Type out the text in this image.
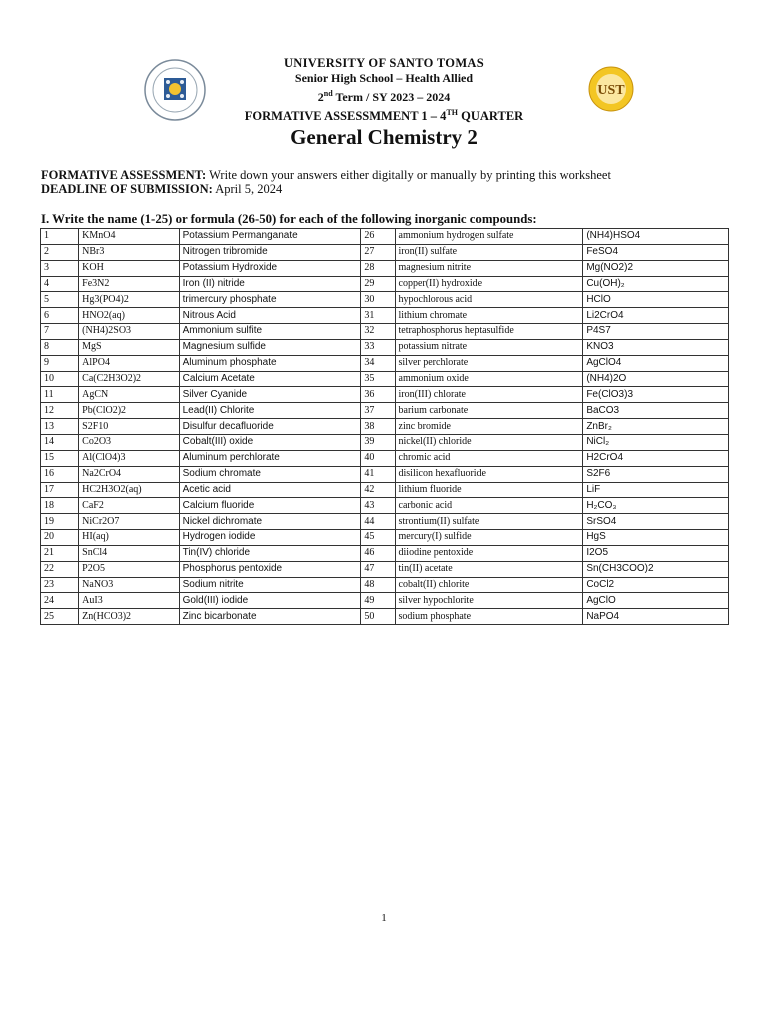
UST
UNIVERSITY OF SANTO TOMAS
Senior High School – Health Allied
2nd Term / SY 2023 – 2024
FORMATIVE ASSESSMMENT 1 – 4TH QUARTER
General Chemistry 2
FORMATIVE ASSESSMENT: Write down your answers either digitally or manually by printing this worksheet
DEADLINE OF SUBMISSION: April 5, 2024
I. Write the name (1-25) or formula (26-50) for each of the following inorganic compounds:
1	KMnO4	Potassium Permanganate	26	ammonium hydrogen sulfate	(NH4)HSO4
2	NBr3	Nitrogen tribromide	27	iron(II) sulfate	FeSO4
3	KOH	Potassium Hydroxide	28	magnesium nitrite	Mg(NO2)2
4	Fe3N2	Iron (II) nitride	29	copper(II) hydroxide	Cu(OH)₂
5	Hg3(PO4)2	trimercury phosphate	30	hypochlorous acid	HClO
6	HNO2(aq)	Nitrous Acid	31	lithium chromate	Li2CrO4
7	(NH4)2SO3	Ammonium sulfite	32	tetraphosphorus heptasulfide	P4S7
8	MgS	Magnesium sulfide	33	potassium nitrate	KNO3
9	AlPO4	Aluminum phosphate	34	silver perchlorate	AgClO4
10	Ca(C2H3O2)2	Calcium Acetate	35	ammonium oxide	(NH4)2O
11	AgCN	Silver Cyanide	36	iron(III) chlorate	Fe(ClO3)3
12	Pb(ClO2)2	Lead(II) Chlorite	37	barium carbonate	BaCO3
13	S2F10	Disulfur decafluoride	38	zinc bromide	ZnBr₂
14	Co2O3	Cobalt(III) oxide	39	nickel(II) chloride	NiCl₂
15	Al(ClO4)3	Aluminum perchlorate	40	chromic acid	H2CrO4
16	Na2CrO4	Sodium chromate	41	disilicon hexafluoride	S2F6
17	HC2H3O2(aq)	Acetic acid	42	lithium fluoride	LiF
18	CaF2	Calcium fluoride	43	carbonic acid	H₂CO₃
19	NiCr2O7	Nickel dichromate	44	strontium(II) sulfate	SrSO4
20	HI(aq)	Hydrogen iodide	45	mercury(I) sulfide	HgS
21	SnCl4	Tin(IV) chloride	46	diiodine pentoxide	I2O5
22	P2O5	Phosphorus pentoxide	47	tin(II) acetate	Sn(CH3COO)2
23	NaNO3	Sodium nitrite	48	cobalt(II) chlorite	CoCl2
24	AuI3	Gold(III) iodide	49	silver hypochlorite	AgClO
25	Zn(HCO3)2	Zinc bicarbonate	50	sodium phosphate	NaPO4
1
